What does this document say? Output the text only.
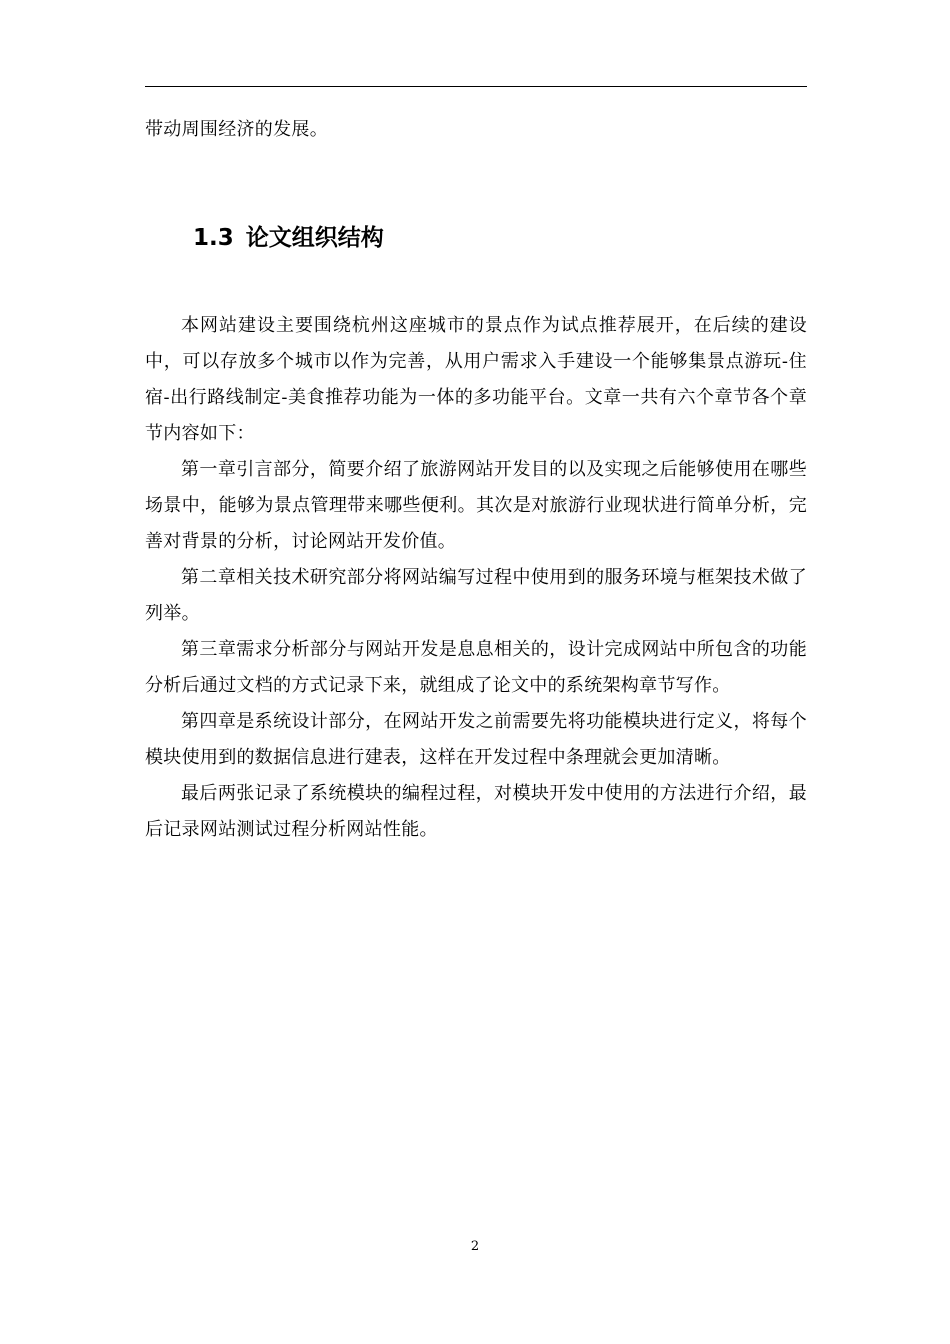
带动周围经济的发展。
1.3 论文组织结构

本网站建设主要围绕杭州这座城市的景点作为试点推荐展开，在后续的建设中，可以存放多个城市以作为完善，从用户需求入手建设一个能够集景点游玩-住宿-出行路线制定-美食推荐功能为一体的多功能平台。文章一共有六个章节各个章节内容如下：

第一章引言部分，简要介绍了旅游网站开发目的以及实现之后能够使用在哪些场景中，能够为景点管理带来哪些便利。其次是对旅游行业现状进行简单分析，完善对背景的分析，讨论网站开发价值。

第二章相关技术研究部分将网站编写过程中使用到的服务环境与框架技术做了列举。

第三章需求分析部分与网站开发是息息相关的，设计完成网站中所包含的功能分析后通过文档的方式记录下来，就组成了论文中的系统架构章节写作。

第四章是系统设计部分，在网站开发之前需要先将功能模块进行定义，将每个模块使用到的数据信息进行建表，这样在开发过程中条理就会更加清晰。

最后两张记录了系统模块的编程过程，对模块开发中使用的方法进行介绍，最后记录网站测试过程分析网站性能。

2
